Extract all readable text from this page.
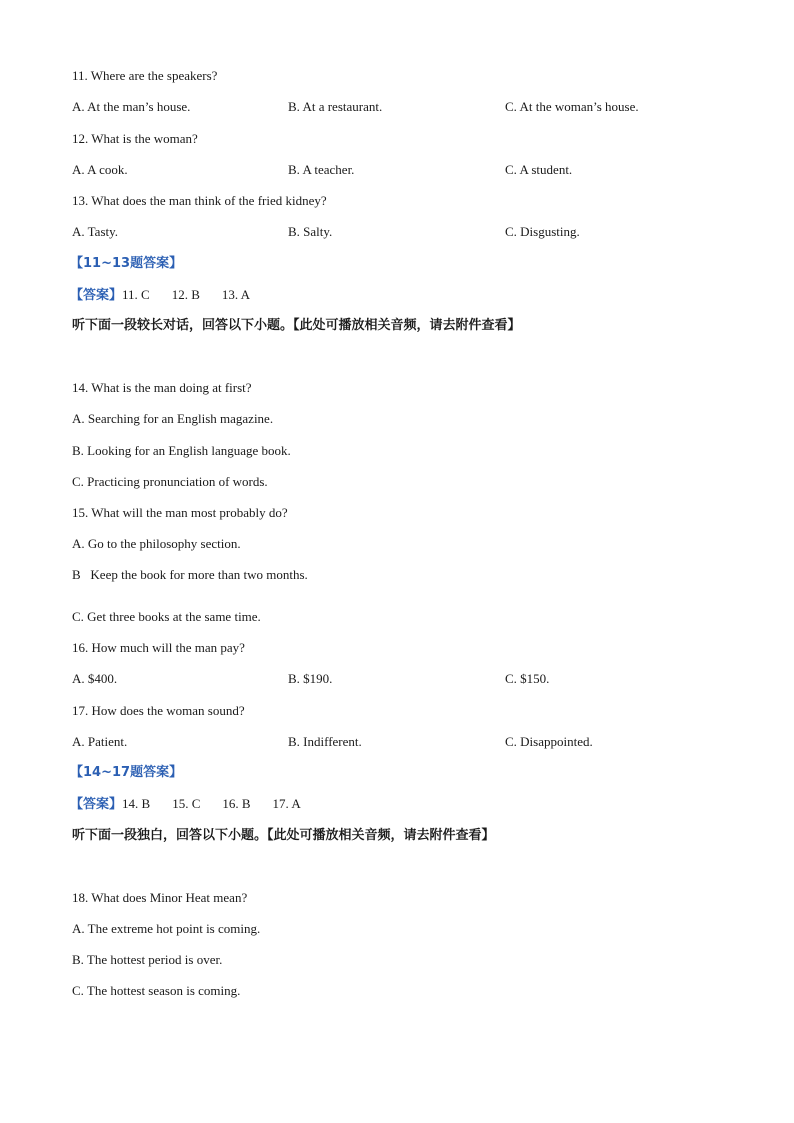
11. Where are the speakers?
A. At the man’s house.	B. At a restaurant.	C. At the woman’s house.
12. What is the woman?
A. A cook.	B. A teacher.	C. A student.
13. What does the man think of the fried kidney?
A. Tasty.	B. Salty.	C. Disgusting.
【11~13题答案】
【答案】11. C 12. B 13. A
听下面一段较长对话，回答以下小题。【此处可播放相关音频，请去附件查看】
14. What is the man doing at first?
A. Searching for an English magazine.
B. Looking for an English language book.
C. Practicing pronunciation of words.
15. What will the man most probably do?
A. Go to the philosophy section.
B   Keep the book for more than two months.
C. Get three books at the same time.
16. How much will the man pay?
A. $400.	B. $190.	C. $150.
17. How does the woman sound?
A. Patient.	B. Indifferent.	C. Disappointed.
【14~17题答案】
【答案】14. B 15. C 16. B 17. A
听下面一段独白，回答以下小题。【此处可播放相关音频，请去附件查看】
18. What does Minor Heat mean?
A. The extreme hot point is coming.
B. The hottest period is over.
C. The hottest season is coming.
